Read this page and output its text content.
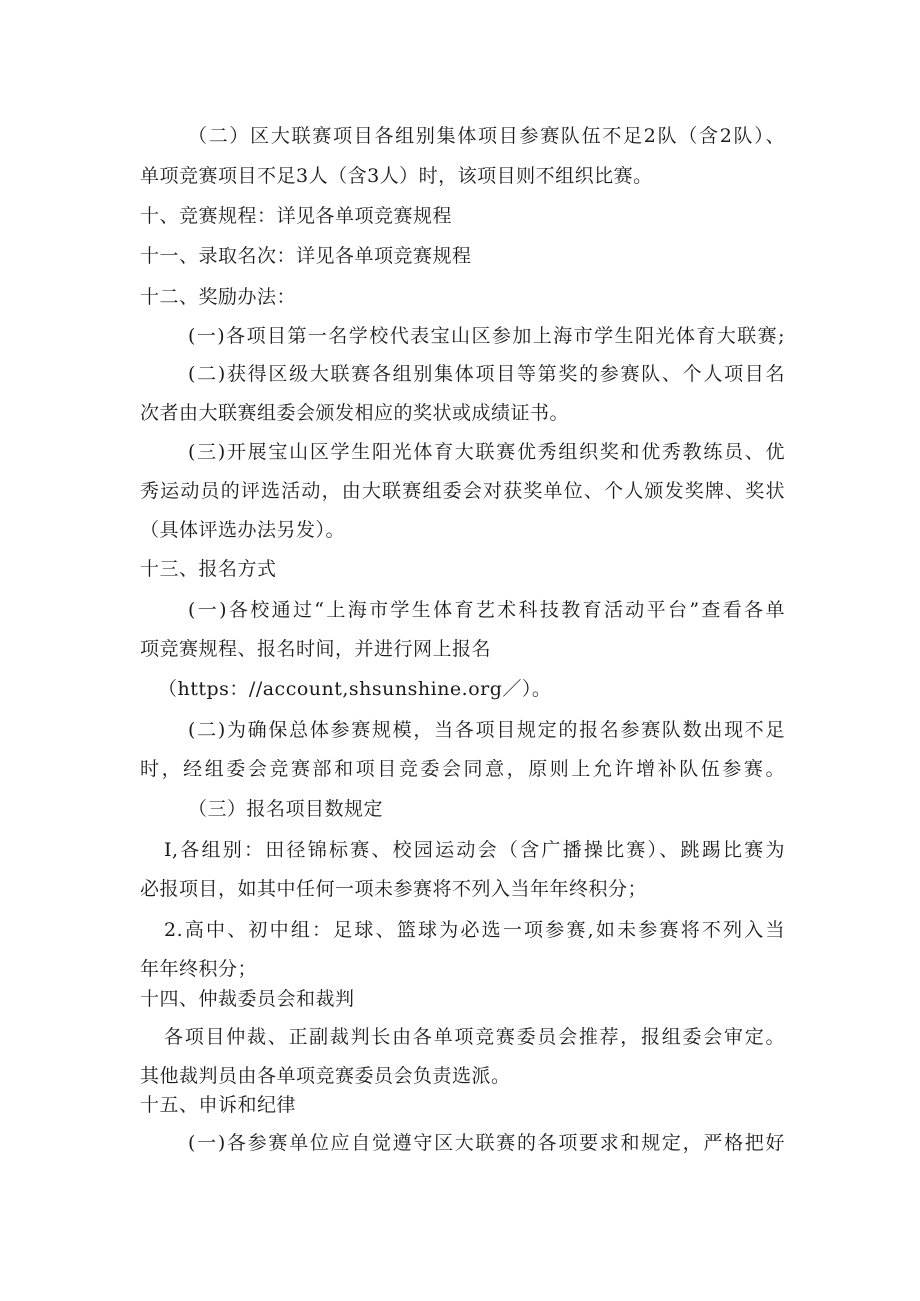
（二）区大联赛项目各组别集体项目参赛队伍不足2队（含2队）、
单项竞赛项目不足3人（含3人）时，该项目则不组织比赛。
十、竞赛规程：详见各单项竞赛规程
十一、录取名次：详见各单项竞赛规程
十二、奖励办法：
(一)各项目第一名学校代表宝山区参加上海市学生阳光体育大联赛;
(二)获得区级大联赛各组别集体项目等第奖的参赛队、个人项目名
次者由大联赛组委会颁发相应的奖状或成绩证书。
(三)开展宝山区学生阳光体育大联赛优秀组织奖和优秀教练员、优
秀运动员的评选活动，由大联赛组委会对获奖单位、个人颁发奖牌、奖状
（具体评选办法另发）。
十三、报名方式
(一)各校通过“上海市学生体育艺术科技教育活动平台”查看各单
项竞赛规程、报名时间，并进行网上报名
（https：//account,shsunshine.org／）。
(二)为确保总体参赛规模，当各项目规定的报名参赛队数出现不足
时，经组委会竞赛部和项目竞委会同意，原则上允许增补队伍参赛。
（三）报名项目数规定
I,各组别：田径锦标赛、校园运动会（含广播操比赛）、跳踢比赛为
必报项目，如其中任何一项未参赛将不列入当年年终积分；
2.高中、初中组：足球、篮球为必选一项参赛,如未参赛将不列入当
年年终积分；
十四、仲裁委员会和裁判
各项目仲裁、正副裁判长由各单项竞赛委员会推荐，报组委会审定。
其他裁判员由各单项竞赛委员会负责选派。
十五、申诉和纪律
(一)各参赛单位应自觉遵守区大联赛的各项要求和规定，严格把好
